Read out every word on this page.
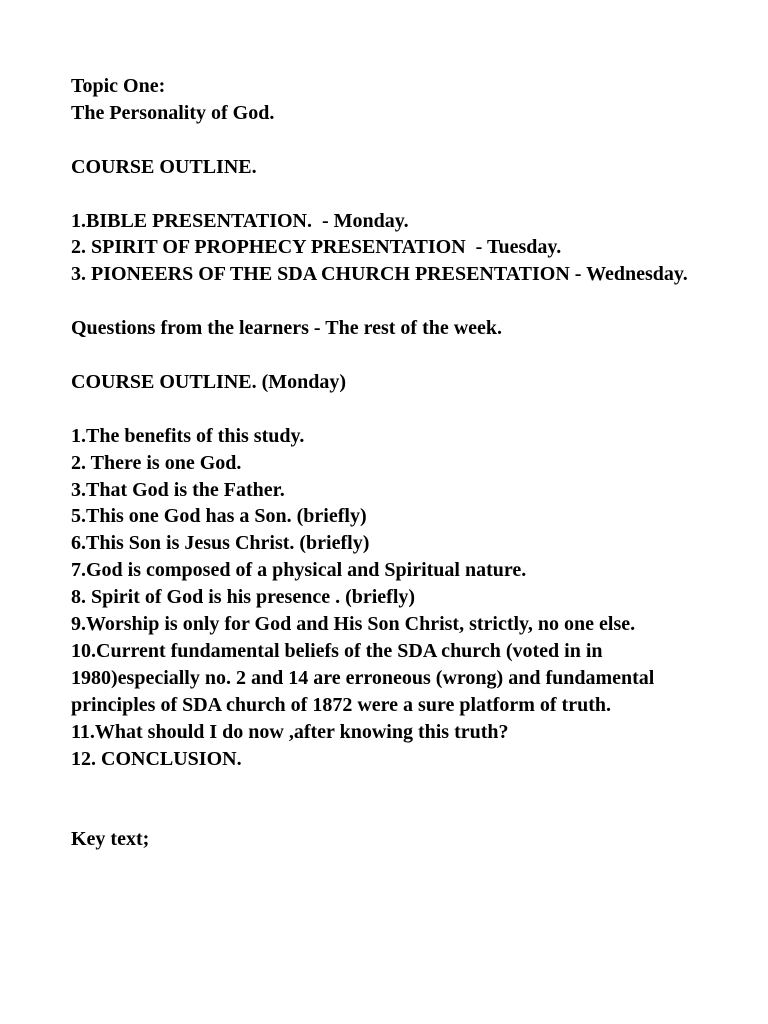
Topic One:
The Personality of God.
COURSE OUTLINE.
1.BIBLE PRESENTATION.  - Monday.
2. SPIRIT OF PROPHECY PRESENTATION  - Tuesday.
3. PIONEERS OF THE SDA CHURCH PRESENTATION - Wednesday.
Questions from the learners - The rest of the week.
COURSE OUTLINE. (Monday)
1.The benefits of this study.
2. There is one God.
3.That God is the Father.
5.This one God has a Son. (briefly)
6.This Son is Jesus Christ. (briefly)
7.God is composed of a physical and Spiritual nature.
8. Spirit of God is his presence . (briefly)
9.Worship is only for God and His Son Christ, strictly, no one else.
10.Current fundamental beliefs of the SDA church (voted in in 1980)especially no. 2 and 14 are erroneous (wrong) and fundamental principles of SDA church of 1872 were a sure platform of truth.
11.What should I do now ,after knowing this truth?
12. CONCLUSION.
Key text;
